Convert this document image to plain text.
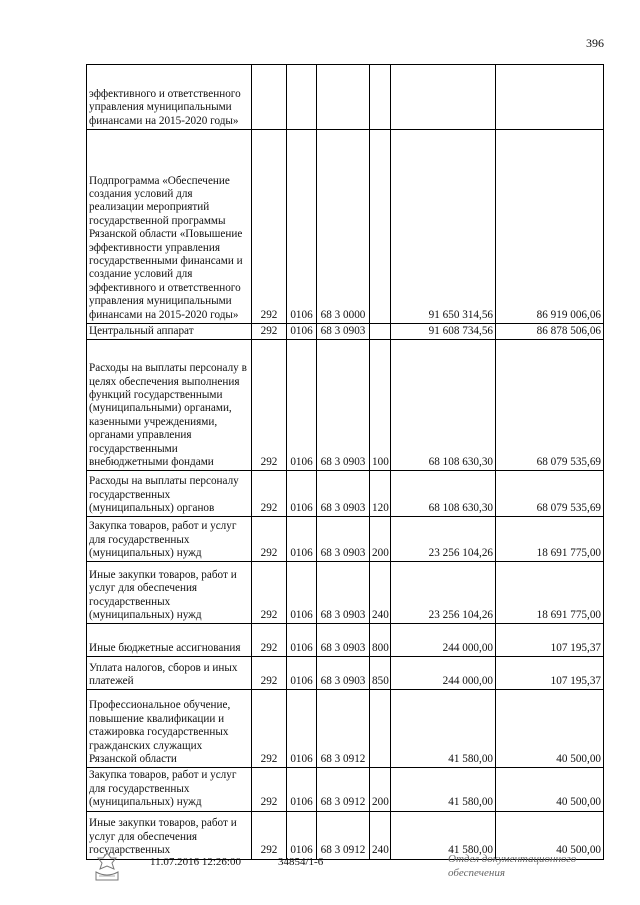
396
эффективного и ответственного управления муниципальными финансами на 2015-2020 годы»						
Подпрограмма «Обеспечение создания условий для реализации мероприятий государственной программы Рязанской области «Повышение эффективности управления государственными финансами и создание условий для эффективного и ответственного управления муниципальными финансами на 2015-2020 годы»	292	0106	68 3 0000		91 650 314,56	86 919 006,06
Центральный аппарат	292	0106	68 3 0903		91 608 734,56	86 878 506,06
Расходы на выплаты персоналу в целях обеспечения выполнения функций государственными (муниципальными) органами, казенными учреждениями, органами управления государственными внебюджетными фондами	292	0106	68 3 0903	100	68 108 630,30	68 079 535,69
Расходы на выплаты персоналу государственных (муниципальных) органов	292	0106	68 3 0903	120	68 108 630,30	68 079 535,69
Закупка товаров, работ и услуг для государственных (муниципальных) нужд	292	0106	68 3 0903	200	23 256 104,26	18 691 775,00
Иные закупки товаров, работ и услуг для обеспечения государственных (муниципальных) нужд	292	0106	68 3 0903	240	23 256 104,26	18 691 775,00
Иные бюджетные ассигнования	292	0106	68 3 0903	800	244 000,00	107 195,37
Уплата налогов, сборов и иных платежей	292	0106	68 3 0903	850	244 000,00	107 195,37
Профессиональное обучение, повышение квалификации и стажировка государственных гражданских служащих Рязанской области	292	0106	68 3 0912		41 580,00	40 500,00
Закупка товаров, работ и услуг для государственных (муниципальных) нужд	292	0106	68 3 0912	200	41 580,00	40 500,00
Иные закупки товаров, работ и услуг для обеспечения государственных	292	0106	68 3 0912	240	41 580,00	40 500,00
11.07.2016 12:26:00	34854/1-6	Отдел документационного обеспечения
